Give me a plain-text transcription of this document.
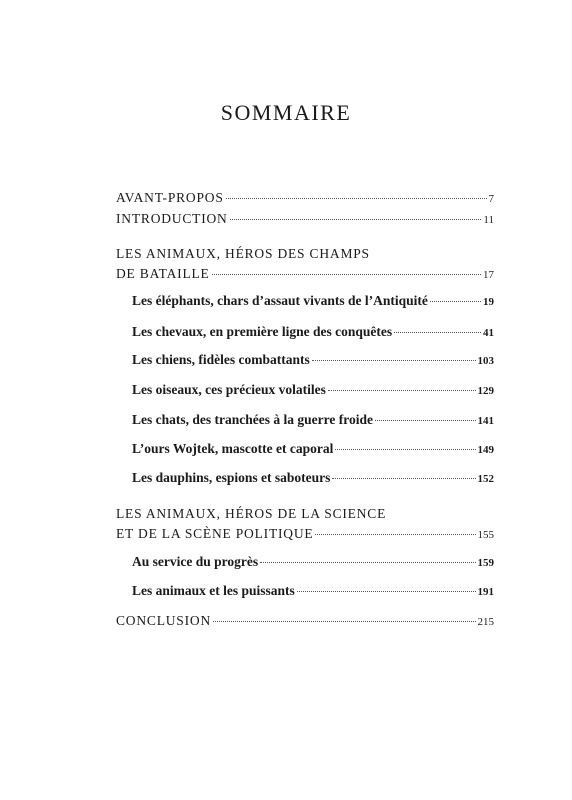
SOMMAIRE
AVANT-PROPOS	7
INTRODUCTION	11
LES ANIMAUX, HÉROS DES CHAMPS
DE BATAILLE	17
Les éléphants, chars d’assaut vivants de l’Antiquité	19
Les chevaux, en première ligne des conquêtes	41
Les chiens, fidèles combattants	103
Les oiseaux, ces précieux volatiles	129
Les chats, des tranchées à la guerre froide	141
L’ours Wojtek, mascotte et caporal	149
Les dauphins, espions et saboteurs	152
LES ANIMAUX, HÉROS DE LA SCIENCE
ET DE LA SCÈNE POLITIQUE	155
Au service du progrès	159
Les animaux et les puissants	191
CONCLUSION	215
